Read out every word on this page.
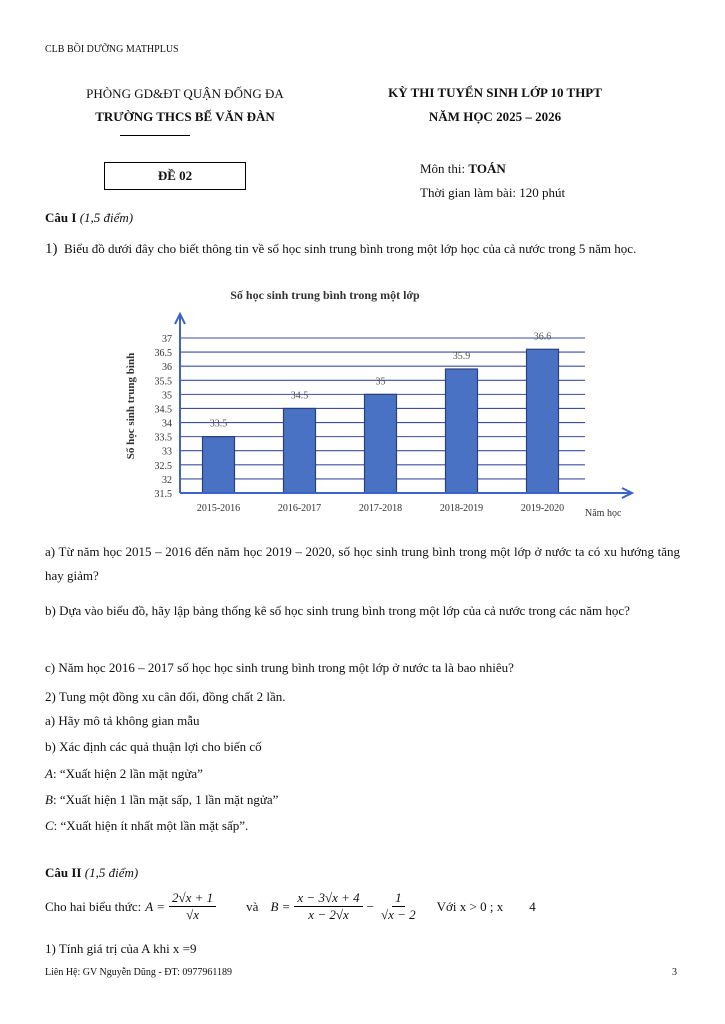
CLB BỒI DƯỠNG MATHPLUS
PHÒNG GD&ĐT QUẬN ĐỐNG ĐA
TRƯỜNG THCS BẾ VĂN ĐÀN
KỲ THI TUYỂN SINH LỚP 10 THPT
NĂM HỌC 2025 – 2026
ĐỀ 02	Môn thi: TOÁN
Thời gian làm bài: 120 phút
Câu I (1,5 điểm)
1) Biểu đồ dưới đây cho biết thông tin về số học sinh trung bình trong một lớp học của cả nước trong 5 năm học.
Số học sinh trung bình trong một lớp
31.5
32
32.5
33
33.5
34
34.5
35
35.5
36
36.5
37
2015-2016	2016-2017	2017-2018	2018-2019	2019-2020
33.5
34.5
35
35.9
36.6
Số học sinh trung bình
Năm học
a) Từ năm học 2015 – 2016 đến năm học 2019 – 2020, số học sinh trung bình trong một lớp ở nước ta có xu hướng tăng hay giảm?
b) Dựa vào biểu đồ, hãy lập bảng thống kê số học sinh trung bình trong một lớp của cả nước trong các năm học?
c) Năm học 2016 – 2017 số học học sinh trung bình trong một lớp ở nước ta là bao nhiêu?
2) Tung một đồng xu cân đối, đồng chất 2 lần.
a) Hãy mô tả không gian mẫu
b) Xác định các quả thuận lợi cho biến cố
A: “Xuất hiện 2 lần mặt ngửa”
B: “Xuất hiện 1 lần mặt sấp, 1 lần mặt ngửa”
C: “Xuất hiện ít nhất một lần mặt sấp”.
Câu II (1,5 điểm)
Cho hai biểu thức: $A = \frac{2√x + 1}{√x}$ và $B = \frac{x - 3√x + 4}{x - 2√x} - \frac{1}{√x - 2}$ Với x > 0 ; x 4
1) Tính giá trị của A khi x =9
Liên Hệ: GV Nguyễn Dũng - ĐT: 0977961189	3
